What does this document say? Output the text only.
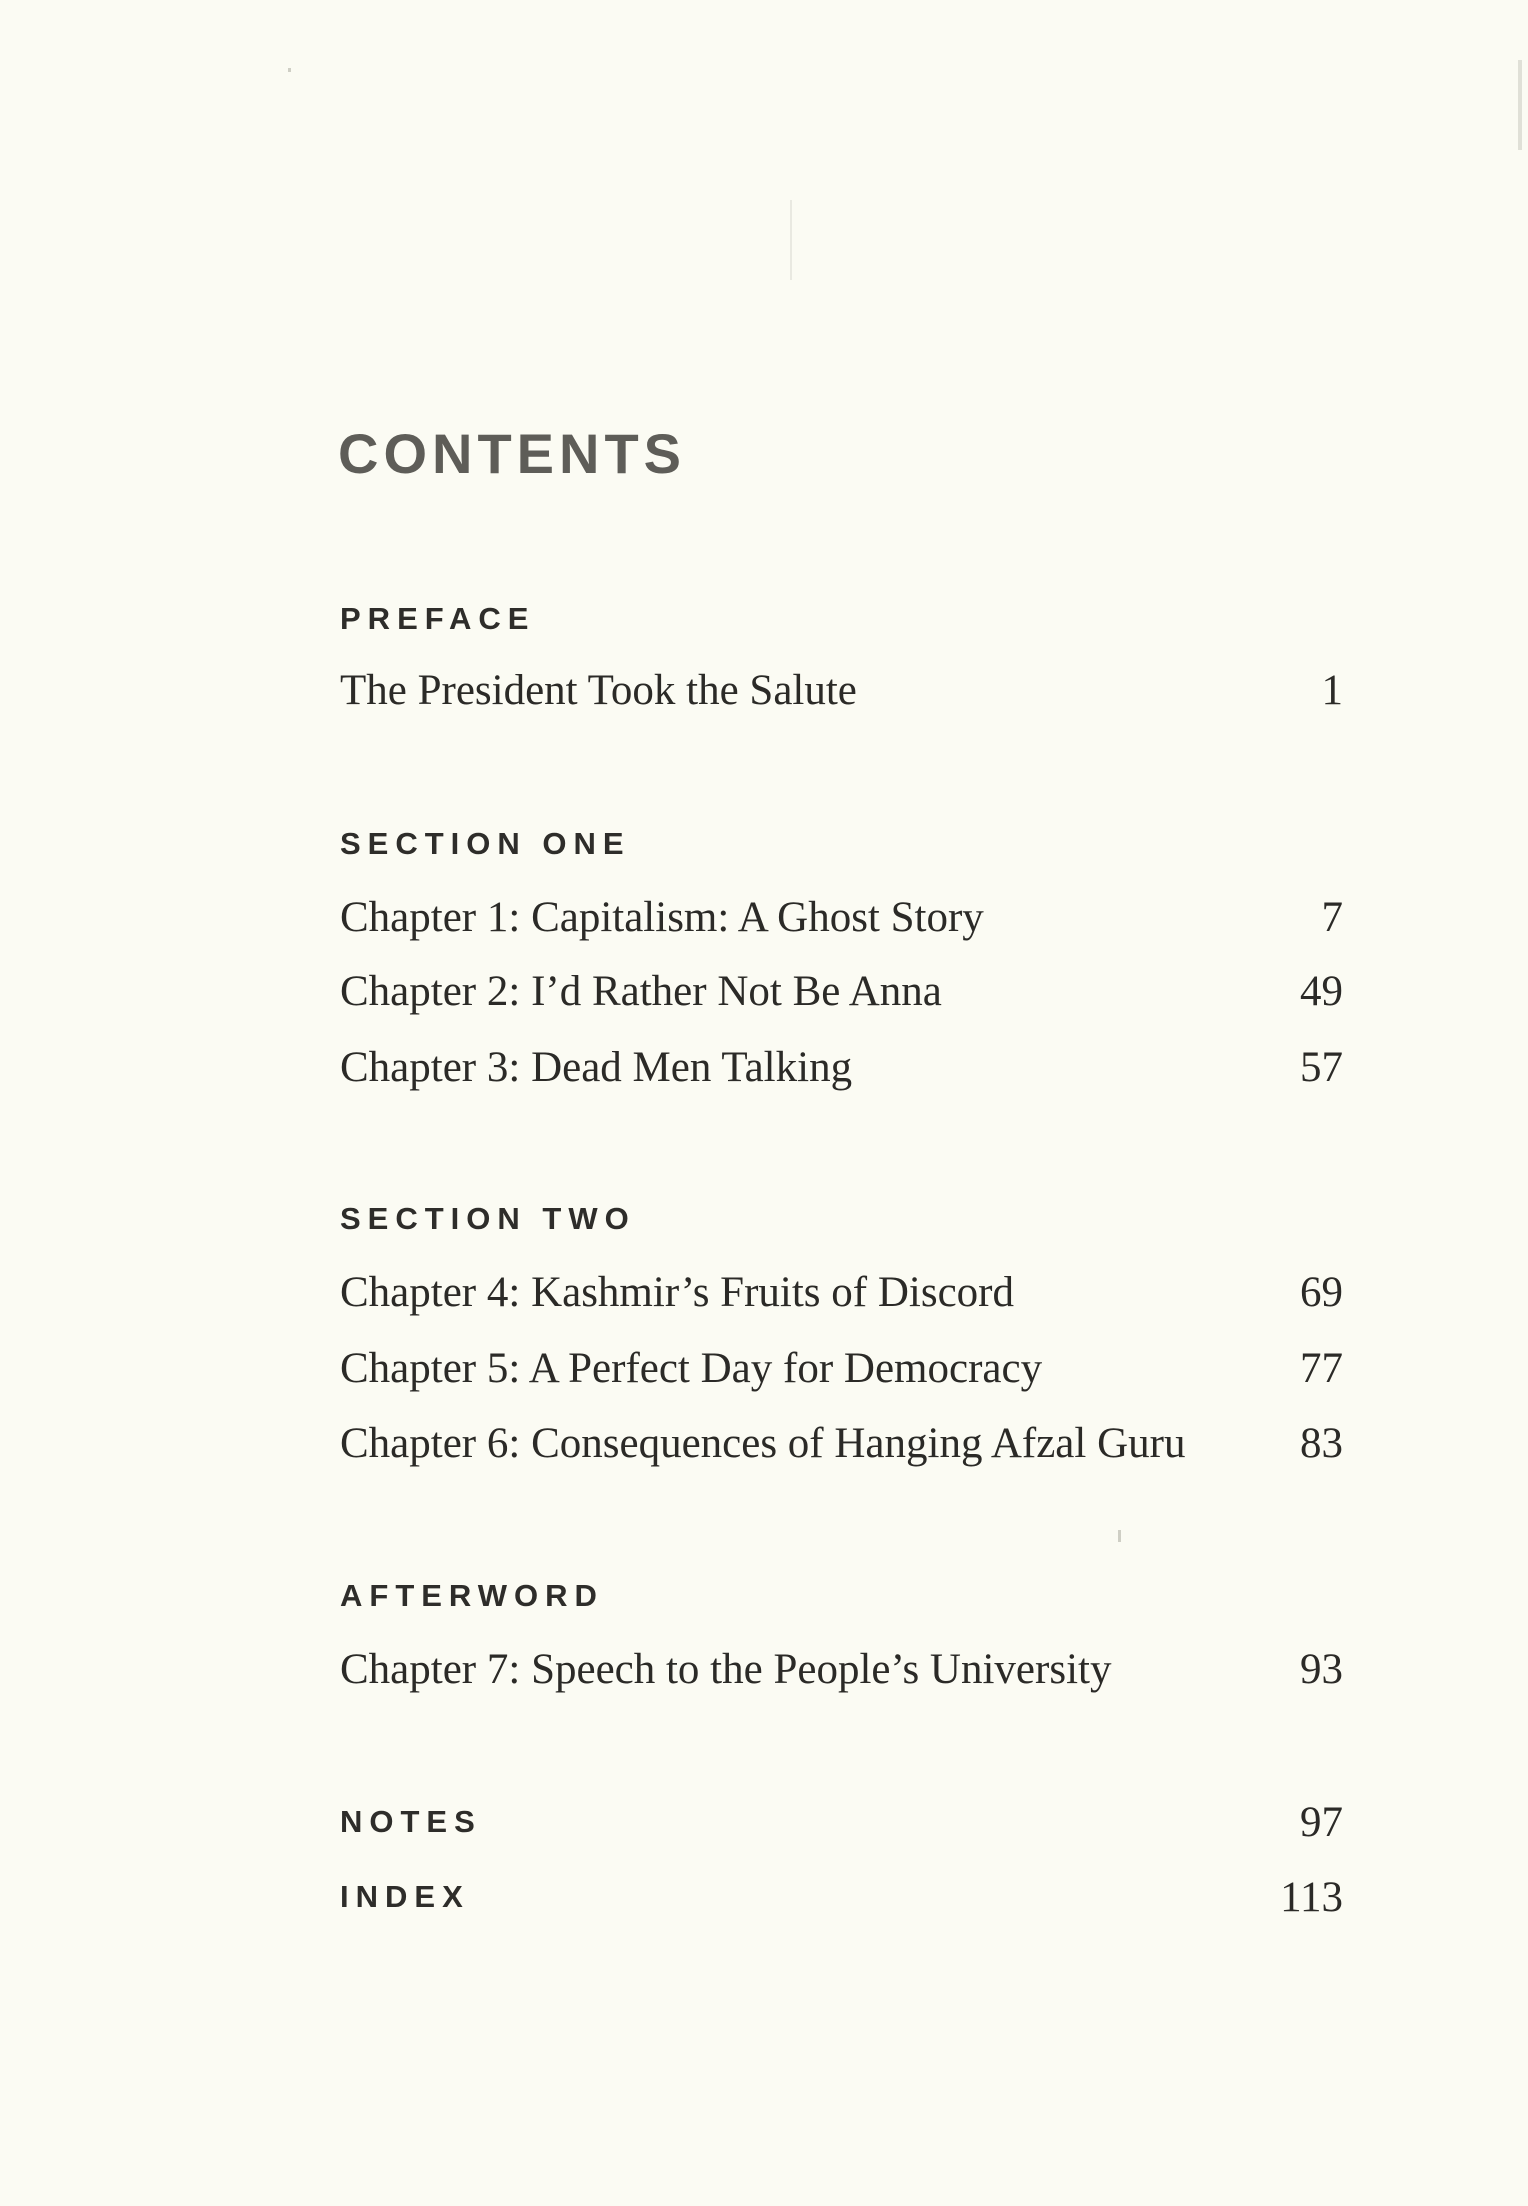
CONTENTS
PREFACE
The President Took the Salute	1
SECTION ONE
Chapter 1: Capitalism: A Ghost Story	7
Chapter 2: I’d Rather Not Be Anna	49
Chapter 3: Dead Men Talking	57
SECTION TWO
Chapter 4: Kashmir’s Fruits of Discord	69
Chapter 5: A Perfect Day for Democracy	77
Chapter 6: Consequences of Hanging Afzal Guru	83
AFTERWORD
Chapter 7: Speech to the People’s University	93
NOTES	97
INDEX	113
